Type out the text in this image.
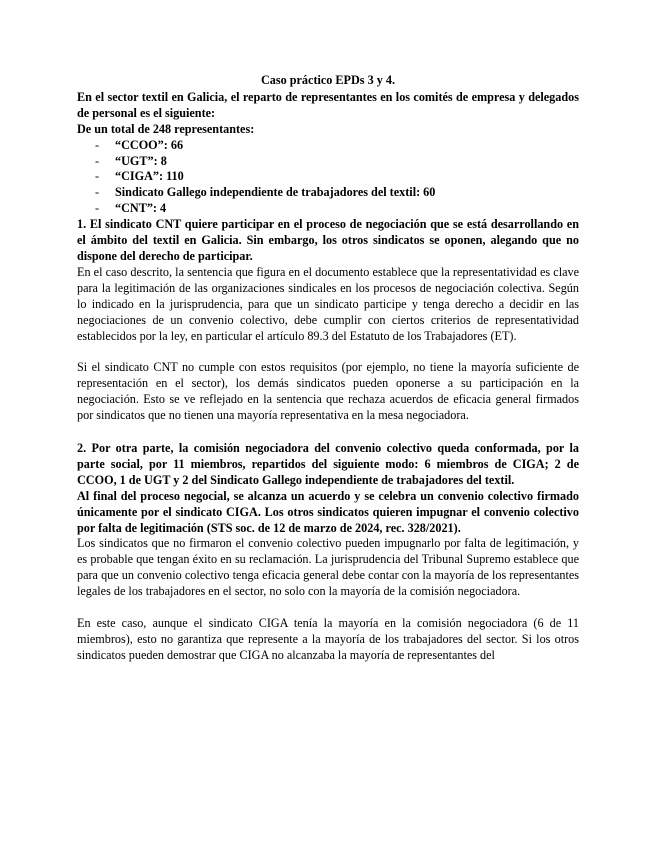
Caso práctico EPDs 3 y 4.

En el sector textil en Galicia, el reparto de representantes en los comités de empresa y delegados de personal es el siguiente:

De un total de 248 representantes:

- “CCOO”: 66
- “UGT”: 8
- “CIGA”: 110
- Sindicato Gallego independiente de trabajadores del textil: 60
- “CNT”: 4

1. El sindicato CNT quiere participar en el proceso de negociación que se está desarrollando en el ámbito del textil en Galicia. Sin embargo, los otros sindicatos se oponen, alegando que no dispone del derecho de participar.

En el caso descrito, la sentencia que figura en el documento establece que la representatividad es clave para la legitimación de las organizaciones sindicales en los procesos de negociación colectiva. Según lo indicado en la jurisprudencia, para que un sindicato participe y tenga derecho a decidir en las negociaciones de un convenio colectivo, debe cumplir con ciertos criterios de representatividad establecidos por la ley, en particular el artículo 89.3 del Estatuto de los Trabajadores (ET).

Si el sindicato CNT no cumple con estos requisitos (por ejemplo, no tiene la mayoría suficiente de representación en el sector), los demás sindicatos pueden oponerse a su participación en la negociación. Esto se ve reflejado en la sentencia que rechaza acuerdos de eficacia general firmados por sindicatos que no tienen una mayoría representativa en la mesa negociadora.

2. Por otra parte, la comisión negociadora del convenio colectivo queda conformada, por la parte social, por 11 miembros, repartidos del siguiente modo: 6 miembros de CIGA; 2 de CCOO, 1 de UGT y 2 del Sindicato Gallego independiente de trabajadores del textil.

Al final del proceso negocial, se alcanza un acuerdo y se celebra un convenio colectivo firmado únicamente por el sindicato CIGA. Los otros sindicatos quieren impugnar el convenio colectivo por falta de legitimación (STS soc. de 12 de marzo de 2024, rec. 328/2021).

Los sindicatos que no firmaron el convenio colectivo pueden impugnarlo por falta de legitimación, y es probable que tengan éxito en su reclamación. La jurisprudencia del Tribunal Supremo establece que para que un convenio colectivo tenga eficacia general debe contar con la mayoría de los representantes legales de los trabajadores en el sector, no solo con la mayoría de la comisión negociadora.

En este caso, aunque el sindicato CIGA tenía la mayoría en la comisión negociadora (6 de 11 miembros), esto no garantiza que represente a la mayoría de los trabajadores del sector. Si los otros sindicatos pueden demostrar que CIGA no alcanzaba la mayoría de representantes del
